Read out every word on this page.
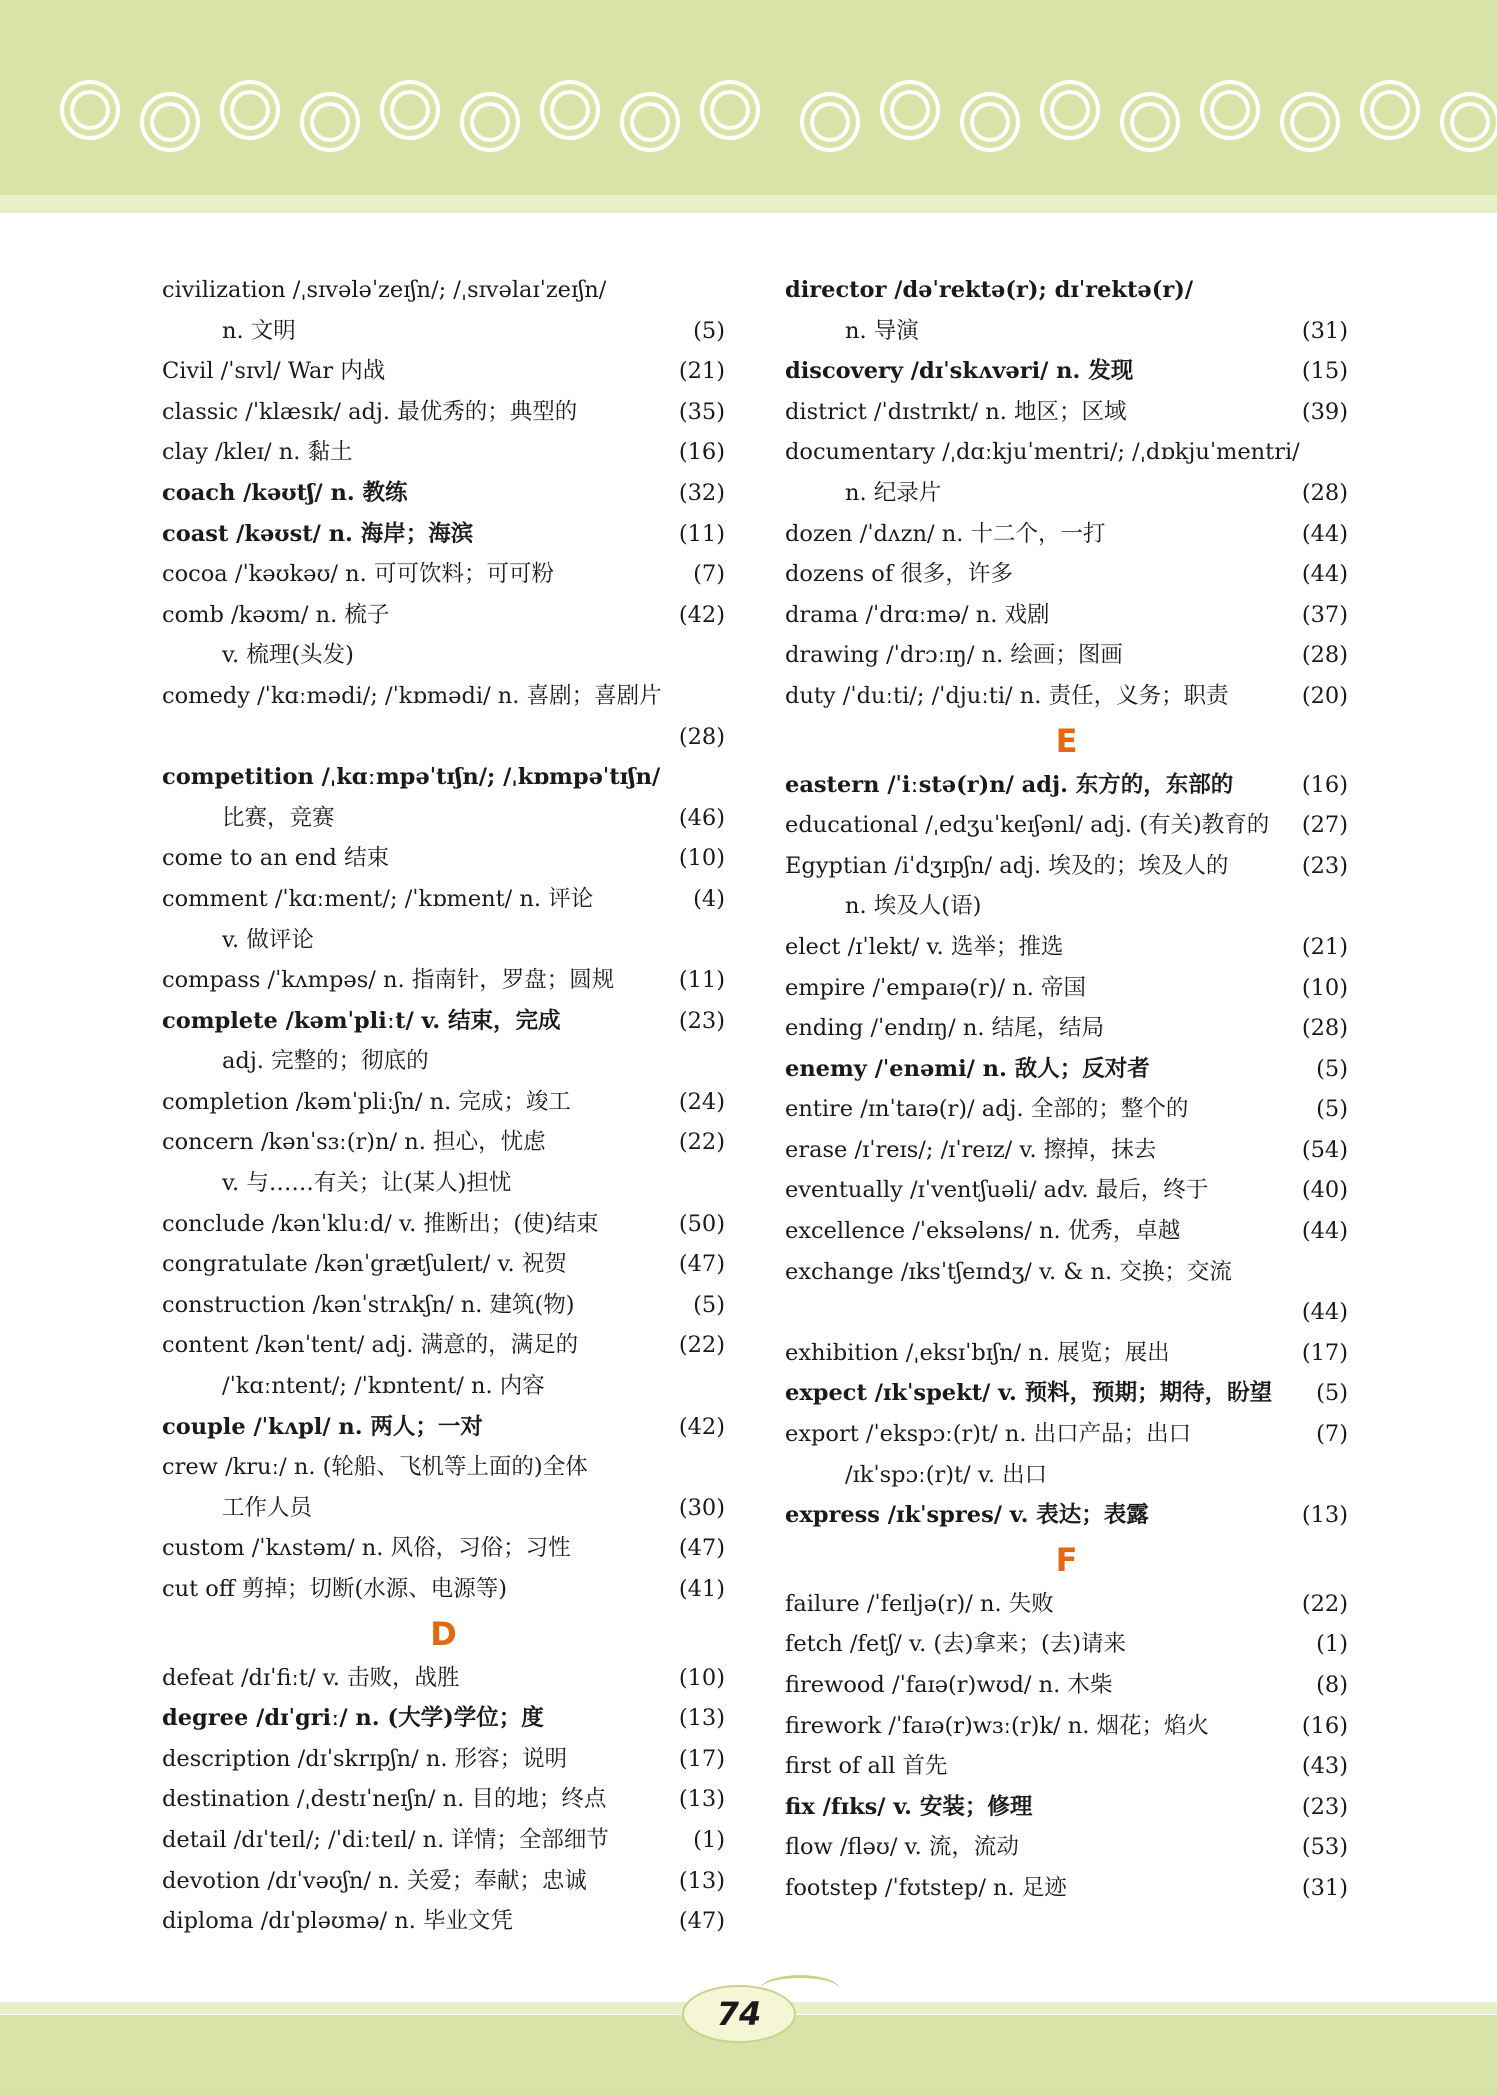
civilization /ˌsɪvələˈzeɪʃn/; /ˌsɪvəlaɪˈzeɪʃn/
n. 文明	(5)
Civil /ˈsɪvl/ War 内战	(21)
classic /ˈklæsɪk/ adj. 最优秀的；典型的	(35)
clay /kleɪ/ n. 黏土	(16)
coach /kəʊtʃ/ n. 教练	(32)
coast /kəʊst/ n. 海岸；海滨	(11)
cocoa /ˈkəʊkəʊ/ n. 可可饮料；可可粉	(7)
comb /kəʊm/ n. 梳子	(42)
v. 梳理(头发)
comedy /ˈkɑːmədi/; /ˈkɒmədi/ n. 喜剧；喜剧片
(28)
competition /ˌkɑːmpəˈtɪʃn/; /ˌkɒmpəˈtɪʃn/
比赛，竞赛	(46)
come to an end 结束	(10)
comment /ˈkɑːment/; /ˈkɒment/ n. 评论	(4)
v. 做评论
compass /ˈkʌmpəs/ n. 指南针，罗盘；圆规	(11)
complete /kəmˈpliːt/ v. 结束，完成	(23)
adj. 完整的；彻底的
completion /kəmˈpliːʃn/ n. 完成；竣工	(24)
concern /kənˈsɜː(r)n/ n. 担心，忧虑	(22)
v. 与……有关；让(某人)担忧
conclude /kənˈkluːd/ v. 推断出；(使)结束	(50)
congratulate /kənˈgrætʃuleɪt/ v. 祝贺	(47)
construction /kənˈstrʌkʃn/ n. 建筑(物)	(5)
content /kənˈtent/ adj. 满意的，满足的	(22)
/ˈkɑːntent/; /ˈkɒntent/ n. 内容
couple /ˈkʌpl/ n. 两人；一对	(42)
crew /kruː/ n. (轮船、飞机等上面的)全体
工作人员	(30)
custom /ˈkʌstəm/ n. 风俗，习俗；习性	(47)
cut off 剪掉；切断(水源、电源等)	(41)
D
defeat /dɪˈfiːt/ v. 击败，战胜	(10)
degree /dɪˈgriː/ n. (大学)学位；度	(13)
description /dɪˈskrɪpʃn/ n. 形容；说明	(17)
destination /ˌdestɪˈneɪʃn/ n. 目的地；终点	(13)
detail /dɪˈteɪl/; /ˈdiːteɪl/ n. 详情；全部细节	(1)
devotion /dɪˈvəʊʃn/ n. 关爱；奉献；忠诚	(13)
diploma /dɪˈpləʊmə/ n. 毕业文凭	(47)
director /dəˈrektə(r); dɪˈrektə(r)/
n. 导演	(31)
discovery /dɪˈskʌvəri/ n. 发现	(15)
district /ˈdɪstrɪkt/ n. 地区；区域	(39)
documentary /ˌdɑːkjuˈmentri/; /ˌdɒkjuˈmentri/
n. 纪录片	(28)
dozen /ˈdʌzn/ n. 十二个，一打	(44)
dozens of 很多，许多	(44)
drama /ˈdrɑːmə/ n. 戏剧	(37)
drawing /ˈdrɔːɪŋ/ n. 绘画；图画	(28)
duty /ˈduːti/; /ˈdjuːti/ n. 责任，义务；职责	(20)
E
eastern /ˈiːstə(r)n/ adj. 东方的，东部的	(16)
educational /ˌedʒuˈkeɪʃənl/ adj. (有关)教育的 (27)
Egyptian /iˈdʒɪpʃn/ adj. 埃及的；埃及人的	(23)
n. 埃及人(语)
elect /ɪˈlekt/ v. 选举；推选	(21)
empire /ˈempaɪə(r)/ n. 帝国	(10)
ending /ˈendɪŋ/ n. 结尾，结局	(28)
enemy /ˈenəmi/ n. 敌人；反对者	(5)
entire /ɪnˈtaɪə(r)/ adj. 全部的；整个的	(5)
erase /ɪˈreɪs/; /ɪˈreɪz/ v. 擦掉，抹去	(54)
eventually /ɪˈventʃuəli/ adv. 最后，终于	(40)
excellence /ˈeksələns/ n. 优秀，卓越	(44)
exchange /ɪksˈtʃeɪndʒ/ v. & n. 交换；交流
(44)
exhibition /ˌeksɪˈbɪʃn/ n. 展览；展出	(17)
expect /ɪkˈspekt/ v. 预料，预期；期待，盼望 (5)
export /ˈekspɔː(r)t/ n. 出口产品；出口	(7)
/ɪkˈspɔː(r)t/ v. 出口
express /ɪkˈspres/ v. 表达；表露	(13)
F
failure /ˈfeɪljə(r)/ n. 失败	(22)
fetch /fetʃ/ v. (去)拿来；(去)请来	(1)
firewood /ˈfaɪə(r)wʊd/ n. 木柴	(8)
firework /ˈfaɪə(r)wɜː(r)k/ n. 烟花；焰火	(16)
first of all 首先	(43)
fix /fɪks/ v. 安装；修理	(23)
flow /fləʊ/ v. 流，流动	(53)
footstep /ˈfʊtstep/ n. 足迹	(31)
74
